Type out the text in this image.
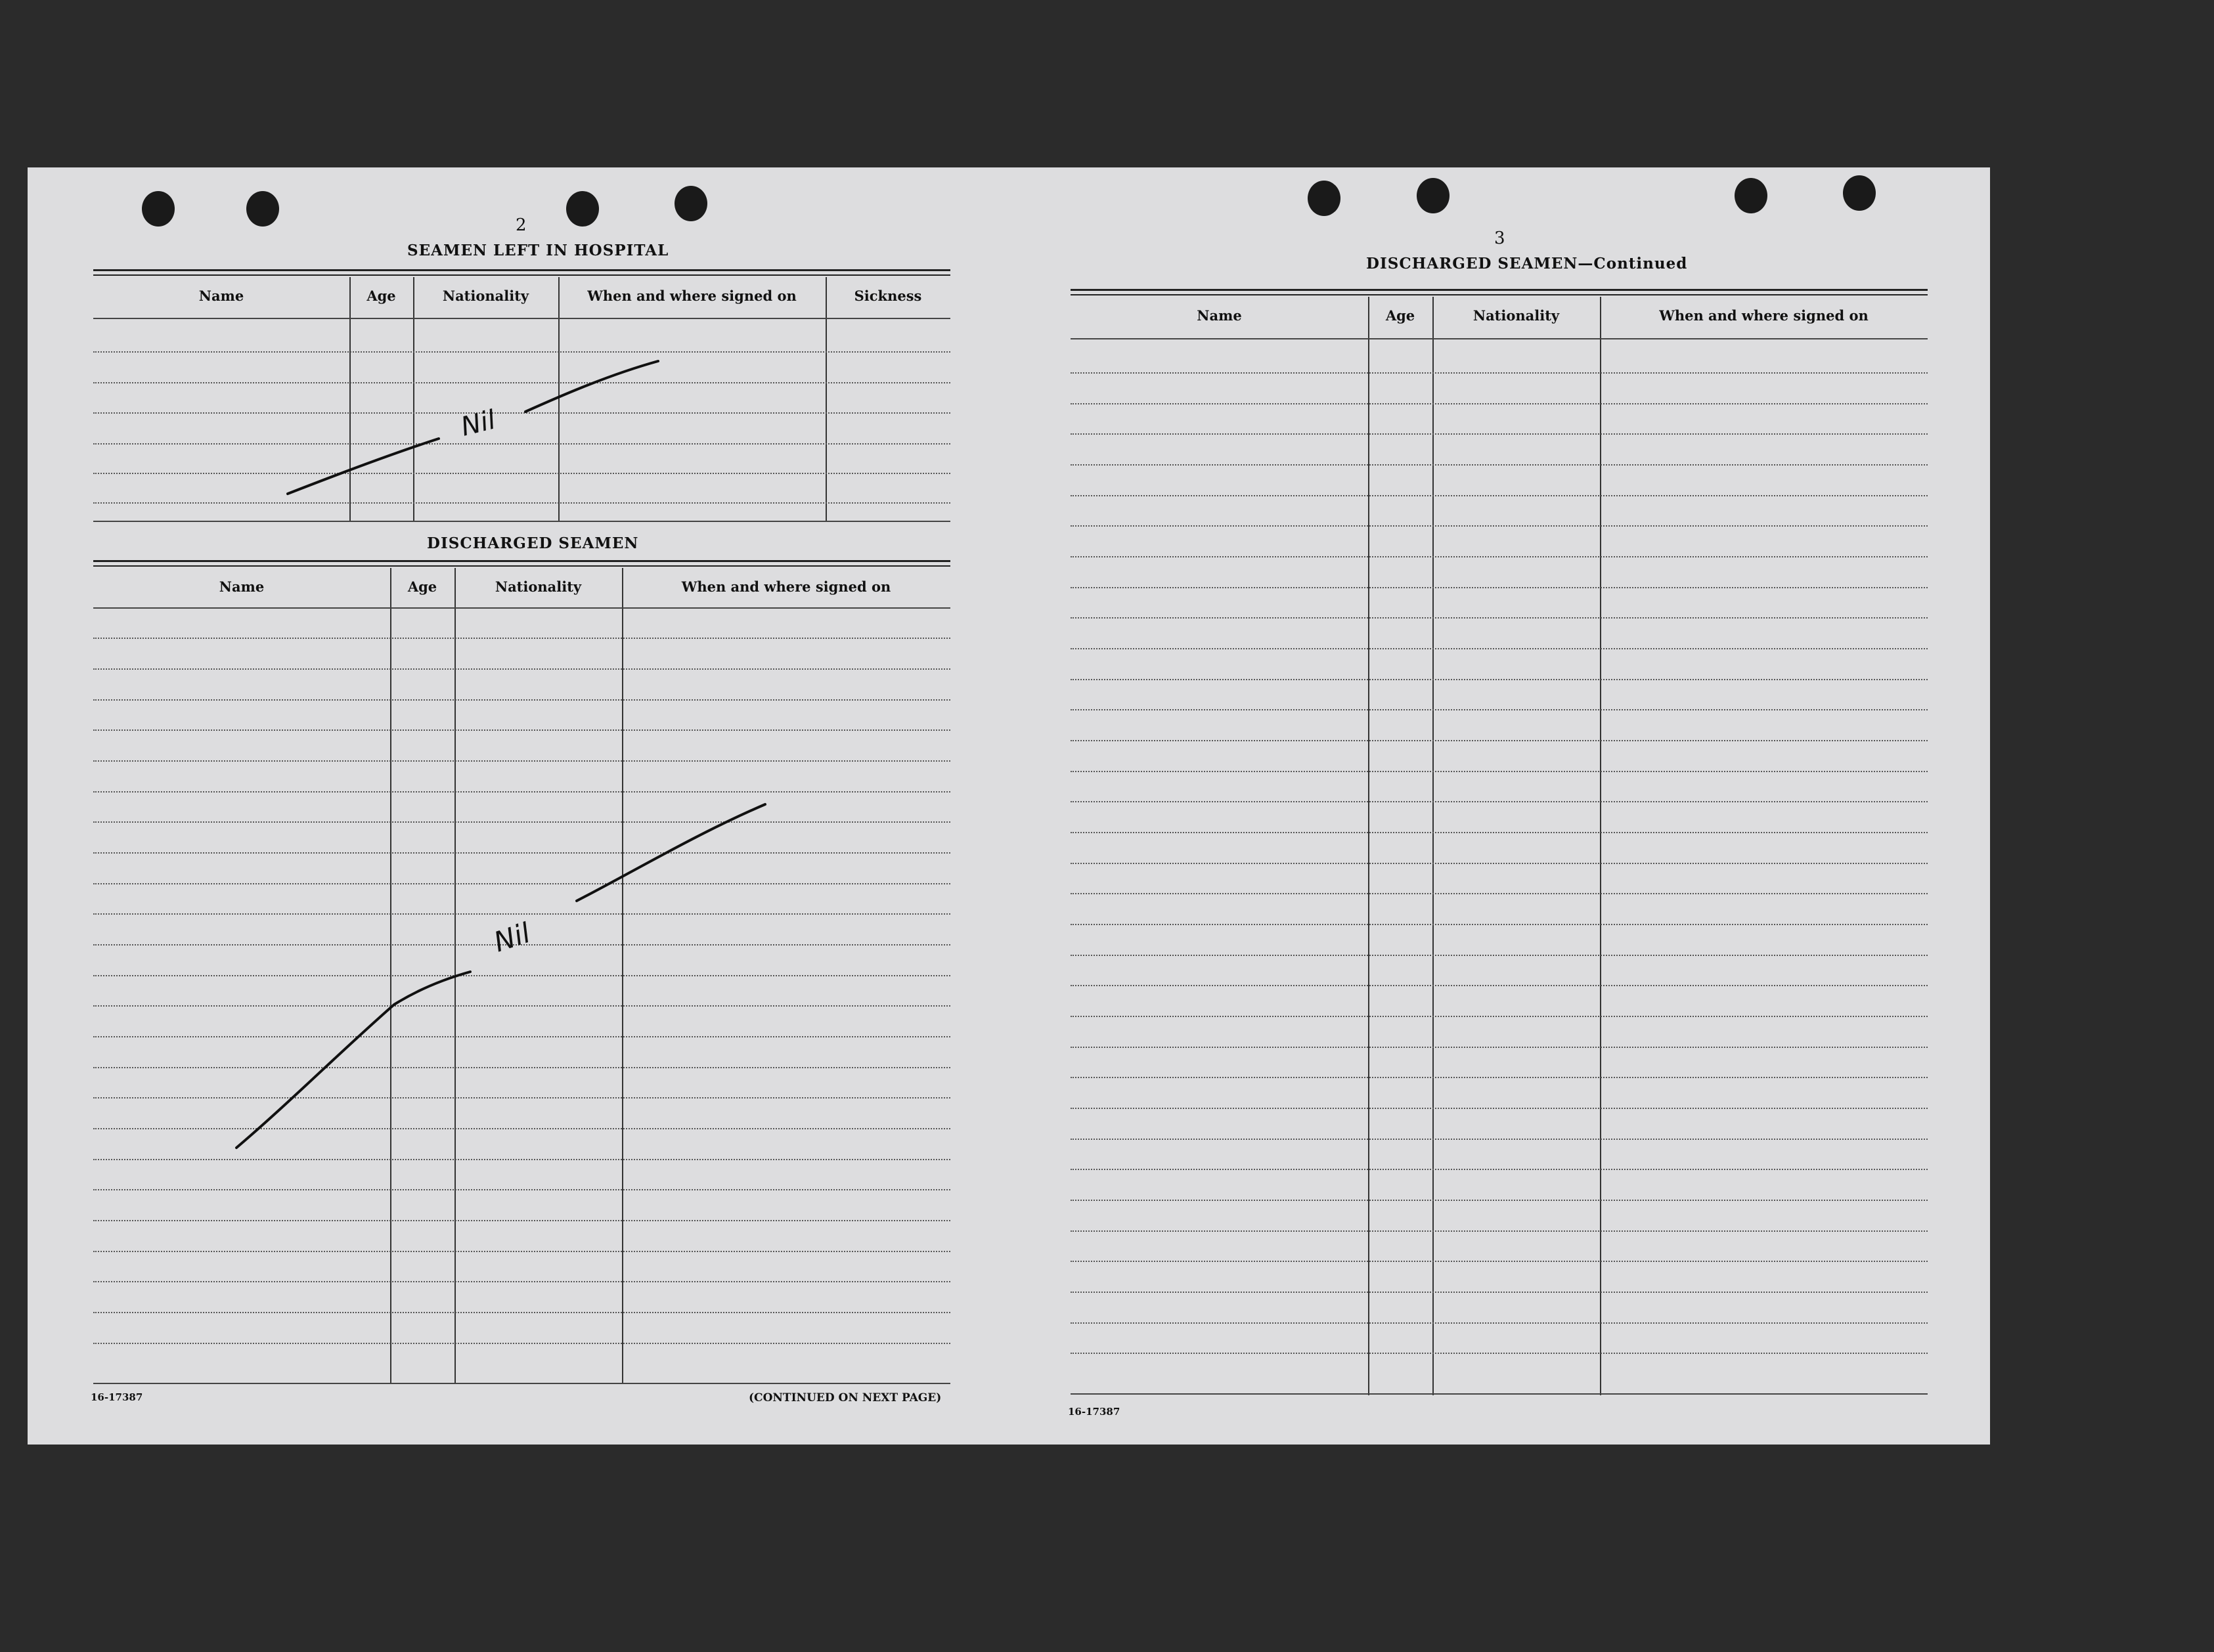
2
SEAMEN LEFT IN HOSPITAL
Name	Age	Nationality	When and where signed on	Sickness
DISCHARGED SEAMEN
Name	Age	Nationality	When and where signed on
16-17387	(CONTINUED ON NEXT PAGE)
3
DISCHARGED SEAMEN—Continued
Name	Age	Nationality	When and where signed on
16-17387
Nil
Nil
